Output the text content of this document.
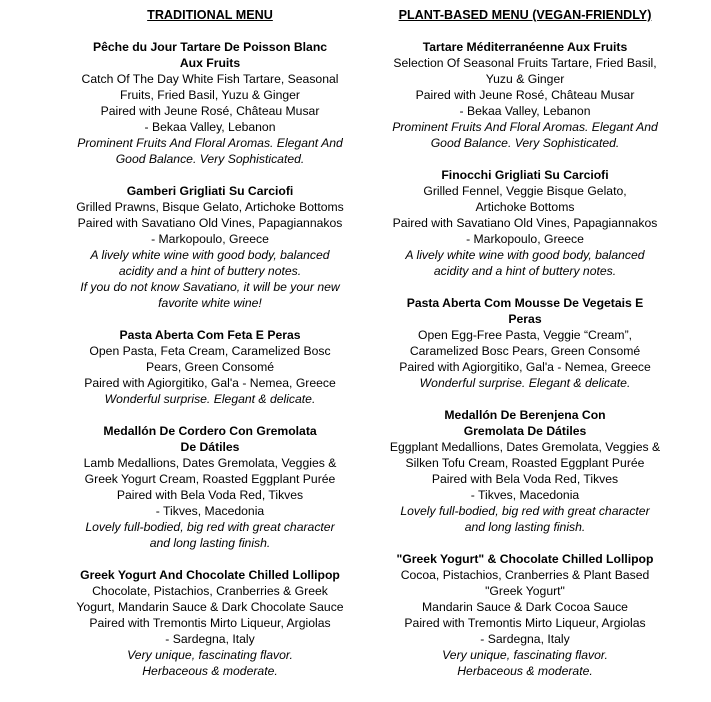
TRADITIONAL MENU
Pêche du Jour Tartare De Poisson Blanc
Aux Fruits
Catch Of The Day White Fish Tartare, Seasonal
Fruits, Fried Basil, Yuzu & Ginger
Paired with Jeune Rosé, Château Musar
- Bekaa Valley, Lebanon
Prominent Fruits And Floral Aromas. Elegant And
Good Balance. Very Sophisticated.
Gamberi Grigliati Su Carciofi
Grilled Prawns, Bisque Gelato, Artichoke Bottoms
Paired with Savatiano Old Vines, Papagiannakos
- Markopoulo, Greece
A lively white wine with good body, balanced
acidity and a hint of buttery notes.
If you do not know Savatiano, it will be your new
favorite white wine!
Pasta Aberta Com Feta E Peras
Open Pasta, Feta Cream, Caramelized Bosc
Pears, Green Consomé
Paired with Agiorgitiko, Gal'a - Nemea, Greece
Wonderful surprise. Elegant & delicate.
Medallón De Cordero Con Gremolata
De Dátiles
Lamb Medallions, Dates Gremolata, Veggies &
Greek Yogurt Cream, Roasted Eggplant Purée
Paired with Bela Voda Red, Tikves
- Tikves, Macedonia
Lovely full-bodied, big red with great character
and long lasting finish.
Greek Yogurt And Chocolate Chilled Lollipop
Chocolate, Pistachios, Cranberries & Greek
Yogurt, Mandarin Sauce & Dark Chocolate Sauce
Paired with Tremontis Mirto Liqueur, Argiolas
- Sardegna, Italy
Very unique, fascinating flavor.
Herbaceous & moderate.
PLANT-BASED MENU (VEGAN-FRIENDLY)
Tartare Méditerranéenne Aux Fruits
Selection Of Seasonal Fruits Tartare, Fried Basil,
Yuzu & Ginger
Paired with Jeune Rosé, Château Musar
- Bekaa Valley, Lebanon
Prominent Fruits And Floral Aromas. Elegant And
Good Balance. Very Sophisticated.
Finocchi Grigliati Su Carciofi
Grilled Fennel, Veggie Bisque Gelato,
Artichoke Bottoms
Paired with Savatiano Old Vines, Papagiannakos
- Markopoulo, Greece
A lively white wine with good body, balanced
acidity and a hint of buttery notes.
Pasta Aberta Com Mousse De Vegetais E
Peras
Open Egg-Free Pasta, Veggie “Cream”,
Caramelized Bosc Pears, Green Consomé
Paired with Agiorgitiko, Gal'a - Nemea, Greece
Wonderful surprise. Elegant & delicate.
Medallón De Berenjena Con
Gremolata De Dátiles
Eggplant Medallions, Dates Gremolata, Veggies &
Silken Tofu Cream, Roasted Eggplant Purée
Paired with Bela Voda Red, Tikves
- Tikves, Macedonia
Lovely full-bodied, big red with great character
and long lasting finish.
"Greek Yogurt" & Chocolate Chilled Lollipop
Cocoa, Pistachios, Cranberries & Plant Based
"Greek Yogurt"
Mandarin Sauce & Dark Cocoa Sauce
Paired with Tremontis Mirto Liqueur, Argiolas
- Sardegna, Italy
Very unique, fascinating flavor.
Herbaceous & moderate.
